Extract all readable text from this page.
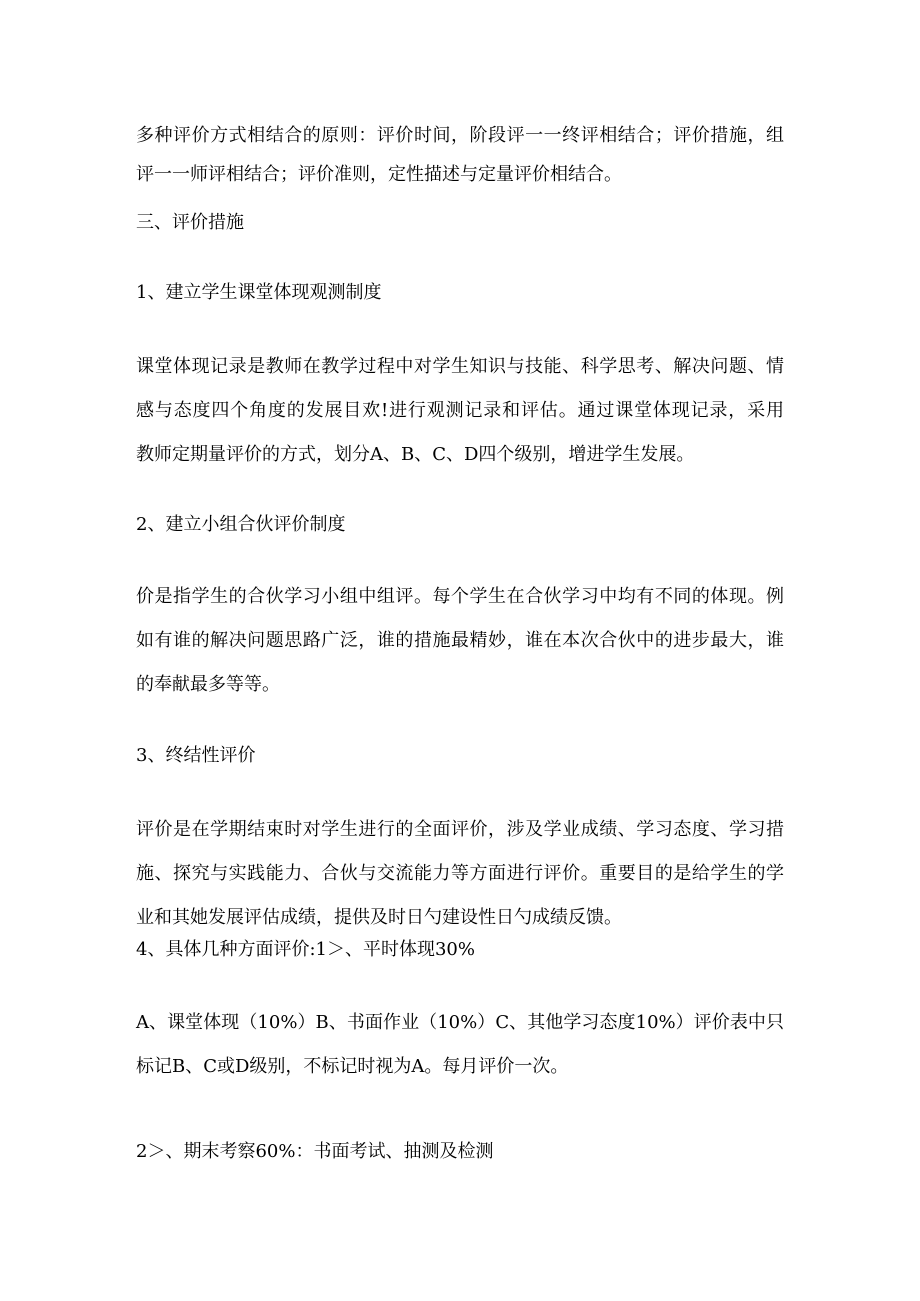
多种评价方式相结合的原则：评价时间，阶段评一一终评相结合；评价措施，组
评一一师评相结合；评价准则，定性描述与定量评价相结合。
三、评价措施
1、建立学生课堂体现观测制度
课堂体现记录是教师在教学过程中对学生知识与技能、科学思考、解决问题、情
感与态度四个角度的发展目欢!进行观测记录和评估。通过课堂体现记录，采用
教师定期量评价的方式，划分A、B、C、D四个级别，增进学生发展。
2、建立小组合伙评价制度
价是指学生的合伙学习小组中组评。每个学生在合伙学习中均有不同的体现。例
如有谁的解决问题思路广泛，谁的措施最精妙，谁在本次合伙中的进步最大，谁
的奉献最多等等。
3、终结性评价
评价是在学期结束时对学生进行的全面评价，涉及学业成绩、学习态度、学习措
施、探究与实践能力、合伙与交流能力等方面进行评价。重要目的是给学生的学
业和其她发展评估成绩，提供及时日勺建设性日勺成绩反馈。
4、具体几种方面评价:1＞、平时体现30%
A、课堂体现（10%）B、书面作业（10%）C、其他学习态度10%）评价表中只
标记B、C或D级别，不标记时视为A。每月评价一次。
2＞、期末考察60%：书面考试、抽测及检测
